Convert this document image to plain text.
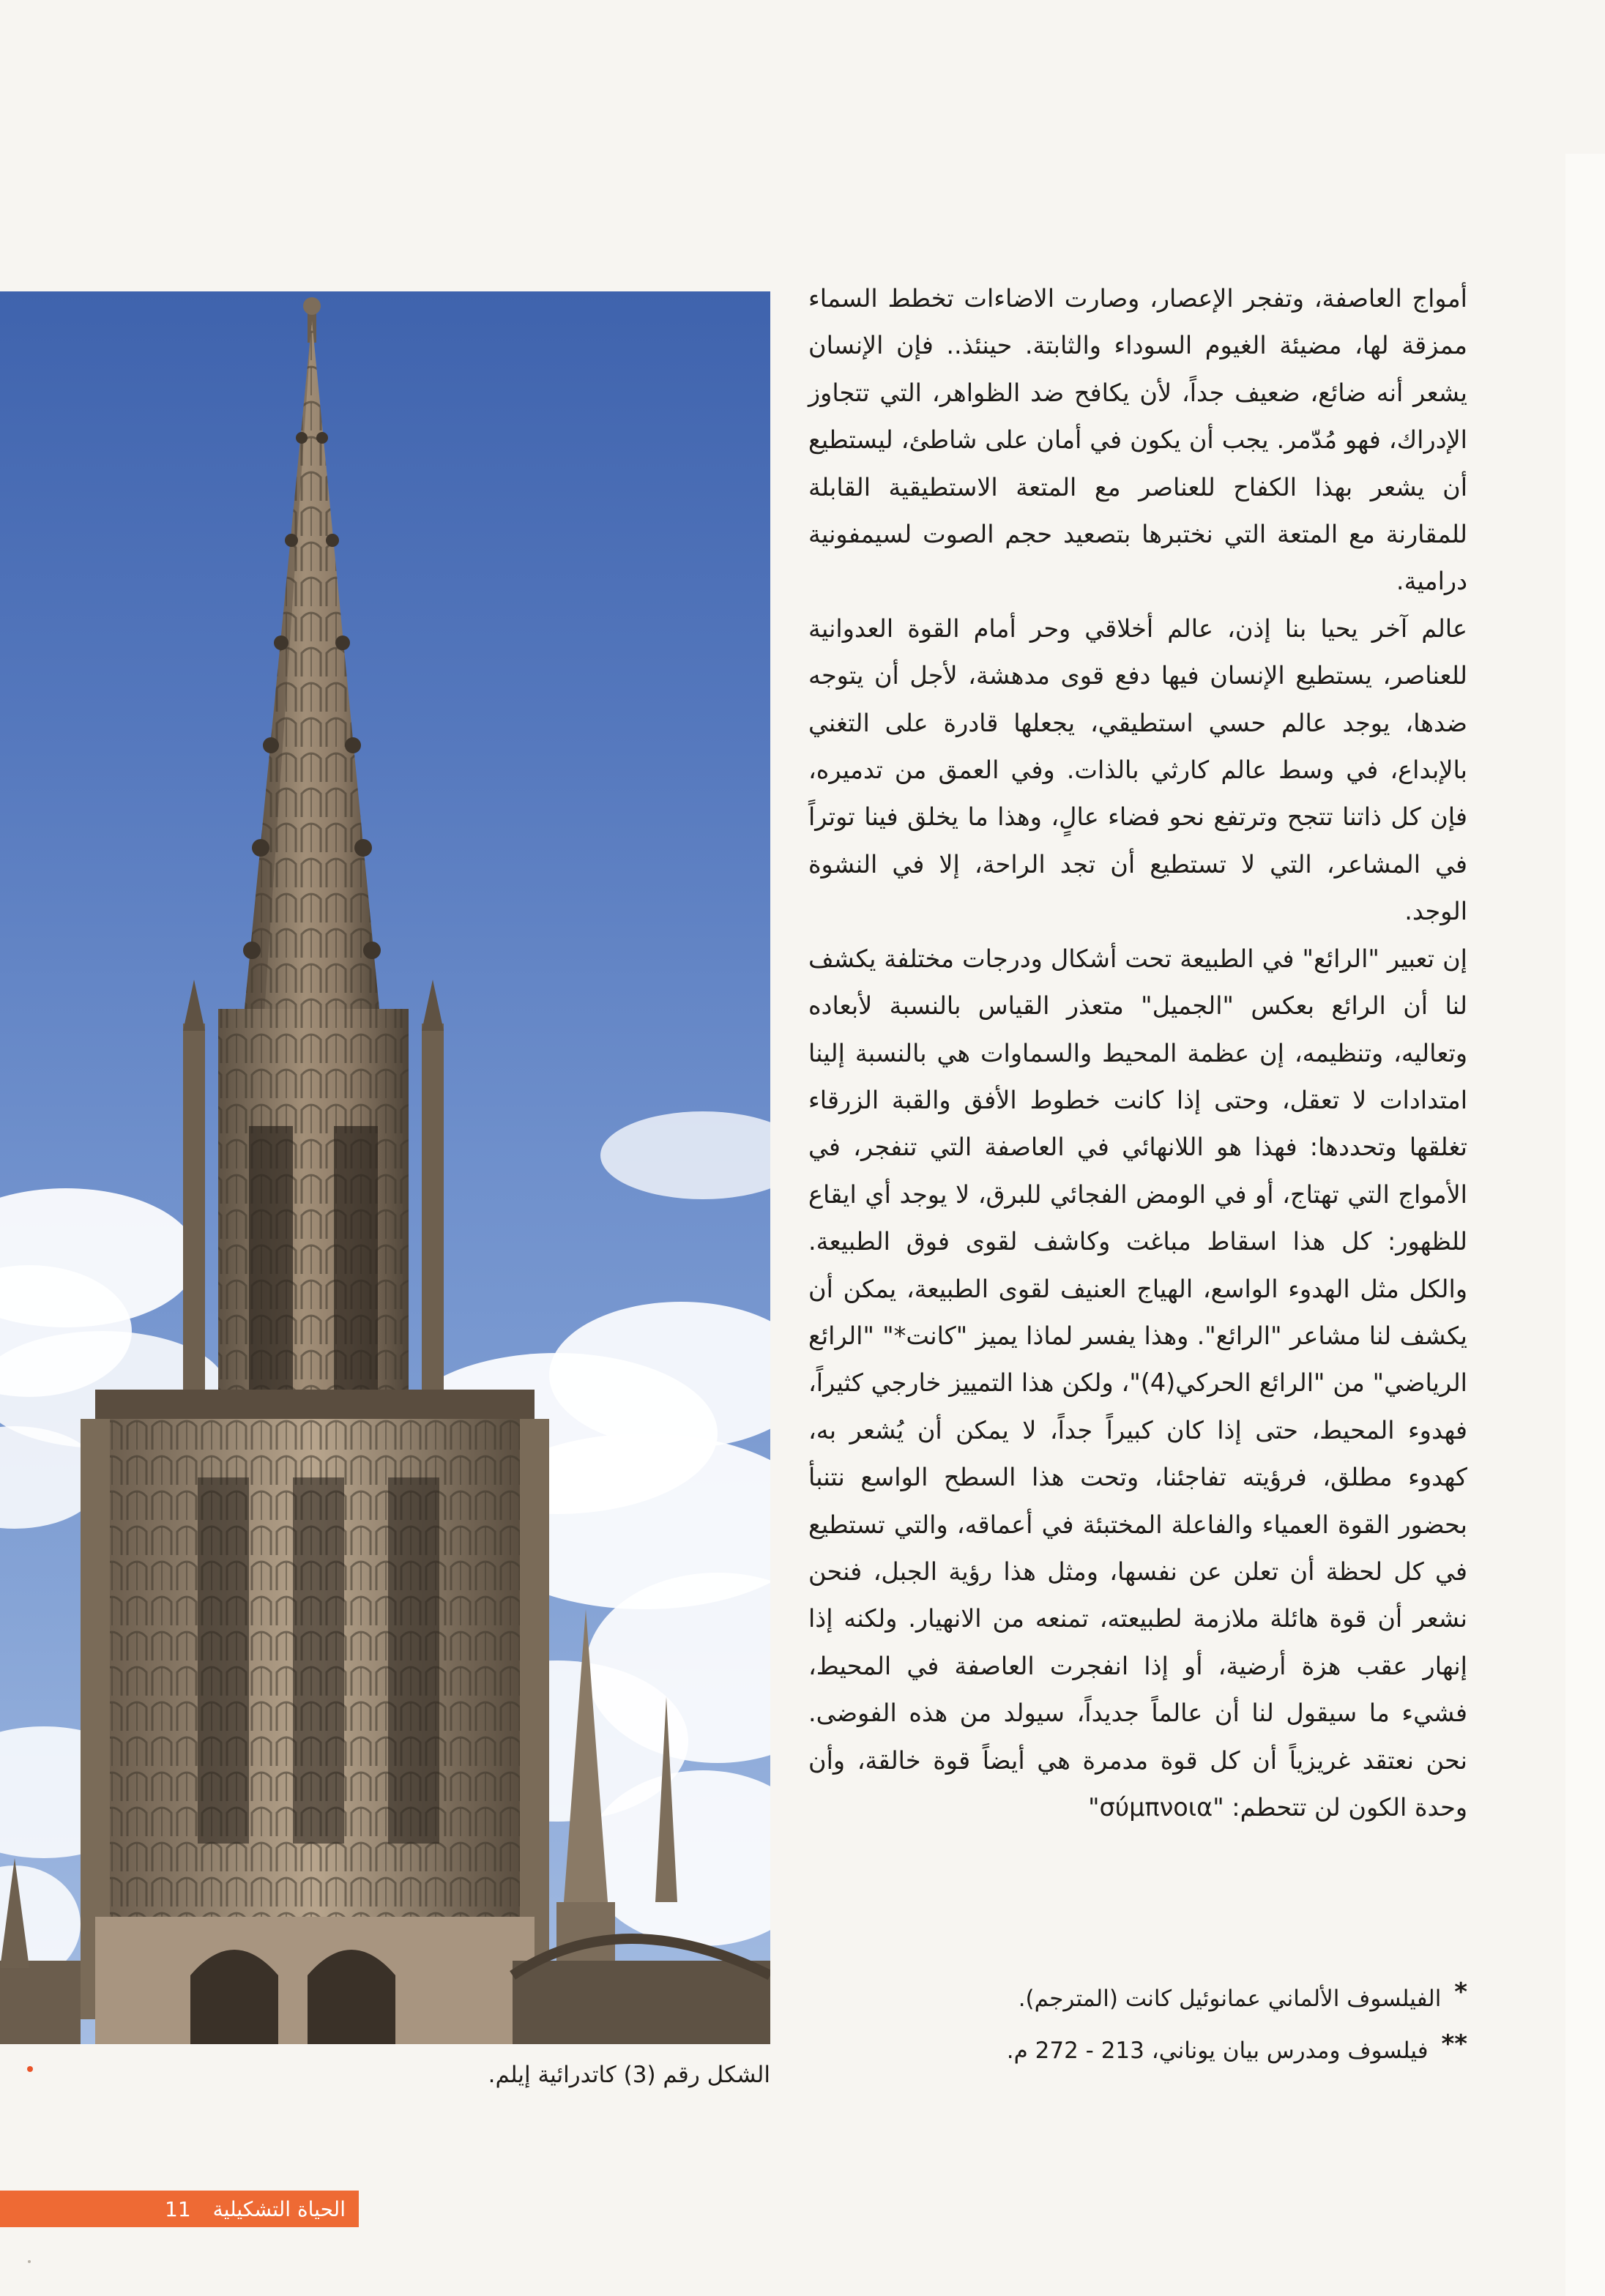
الشكل رقم (3) كاتدرائية إيلم.

أمواج العاصفة، وتفجر الإعصار، وصارت الاضاءات تخطط السماء ممزقة لها، مضيئة الغيوم السوداء والثابتة. حينئذ.. فإن الإنسان يشعر أنه ضائع، ضعيف جداً، لأن يكافح ضد الظواهر، التي تتجاوز الإدراك، فهو مُدّمر. يجب أن يكون في أمان على شاطئ، ليستطيع أن يشعر بهذا الكفاح للعناصر مع المتعة الاستطيقية القابلة للمقارنة مع المتعة التي نختبرها بتصعيد حجم الصوت لسيمفونية درامية.

عالم آخر يحيا بنا إذن، عالم أخلاقي وحر أمام القوة العدوانية للعناصر، يستطيع الإنسان فيها دفع قوى مدهشة، لأجل أن يتوجه ضدها، يوجد عالم حسي استطيقي، يجعلها قادرة على التغني بالإبداع، في وسط عالم كارثي بالذات. وفي العمق من تدميره، فإن كل ذاتنا تتجح وترتفع نحو فضاء عالٍ، وهذا ما يخلق فينا توتراً في المشاعر، التي لا تستطيع أن تجد الراحة، إلا في النشوة الوجد.

إن تعبير "الرائع" في الطبيعة تحت أشكال ودرجات مختلفة يكشف لنا أن الرائع بعكس "الجميل" متعذر القياس بالنسبة لأبعاده وتعاليه، وتنظيمه، إن عظمة المحيط والسماوات هي بالنسبة إلينا امتدادات لا تعقل، وحتى إذا كانت خطوط الأفق والقبة الزرقاء تغلقها وتحددها: فهذا هو اللانهائي في العاصفة التي تنفجر، في الأمواج التي تهتاج، أو في الومض الفجائي للبرق، لا يوجد أي ايقاع للظهور: كل هذا اسقاط مباغت وكاشف لقوى فوق الطبيعة. والكل مثل الهدوء الواسع، الهياج العنيف لقوى الطبيعة، يمكن أن يكشف لنا مشاعر "الرائع". وهذا يفسر لماذا يميز "كانت*" "الرائع الرياضي" من "الرائع الحركي(4)"، ولكن هذا التمييز خارجي كثيراً، فهدوء المحيط، حتى إذا كان كبيراً جداً، لا يمكن أن يُشعر به، كهدوء مطلق، فرؤيته تفاجئنا، وتحت هذا السطح الواسع نتنبأ بحضور القوة العمياء والفاعلة المختبئة في أعماقه، والتي تستطيع في كل لحظة أن تعلن عن نفسها، ومثل هذا رؤية الجبل، فنحن نشعر أن قوة هائلة ملازمة لطبيعته، تمنعه من الانهيار. ولكنه إذا إنهار عقب هزة أرضية، أو إذا انفجرت العاصفة في المحيط، فشيء ما سيقول لنا أن عالماً جديداً، سيولد من هذه الفوضى. نحن نعتقد غريزياً أن كل قوة مدمرة هي أيضاً قوة خالقة، وأن وحدة الكون لن تتحطم: "σύμπνοια"

* الفيلسوف الألماني عمانوئيل كانت (المترجم).
** فيلسوف ومدرس بيان يوناني، 213 - 272 م.
الحياة التشكيلية
11
